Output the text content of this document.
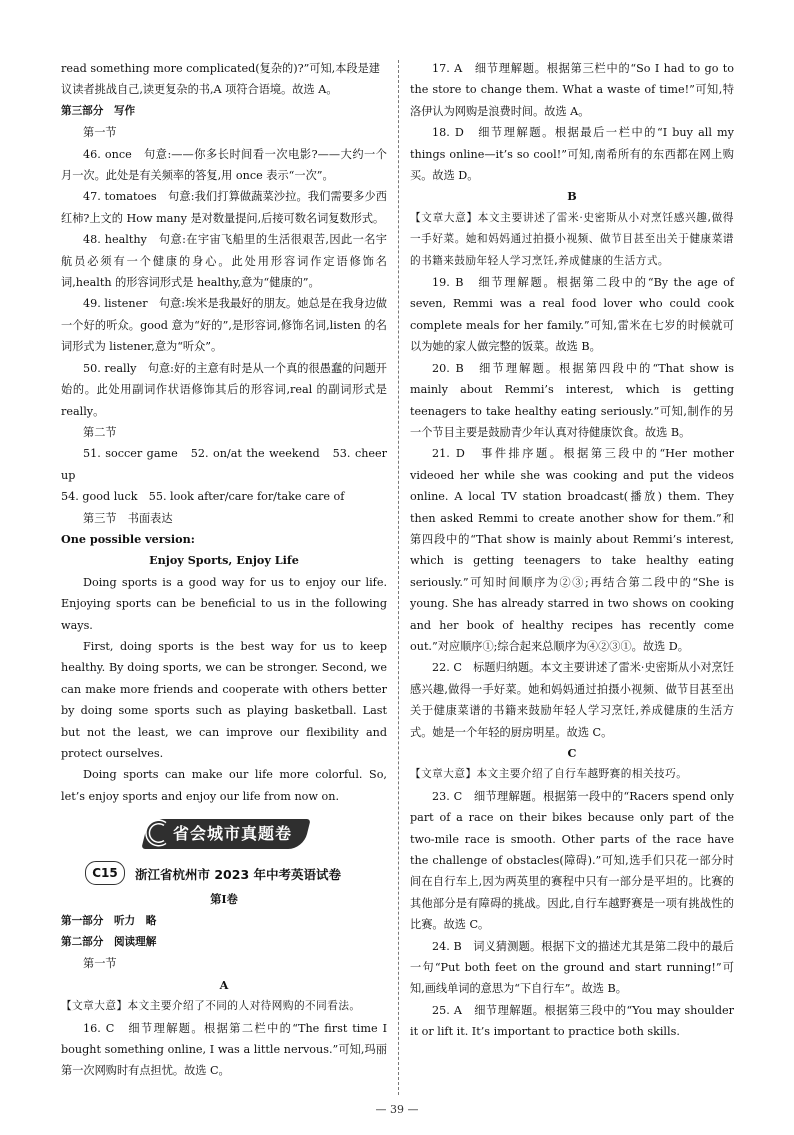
read something more complicated(复杂的)?”可知,本段是建

议读者挑战自己,读更复杂的书,A 项符合语境。故选 A。

第三部分　写作

第一节

46. once　句意:——你多长时间看一次电影?——大约一个月一次。此处是有关频率的答复,用 once 表示“一次”。

47. tomatoes　句意:我们打算做蔬菜沙拉。我们需要多少西红柿?上文的 How many 是对数量提问,后接可数名词复数形式。

48. healthy　句意:在宇宙飞船里的生活很艰苦,因此一名宇航员必须有一个健康的身心。此处用形容词作定语修饰名词,health 的形容词形式是 healthy,意为“健康的”。

49. listener　句意:埃米是我最好的朋友。她总是在我身边做一个好的听众。good 意为“好的”,是形容词,修饰名词,listen 的名词形式为 listener,意为“听众”。

50. really　句意:好的主意有时是从一个真的很愚蠢的问题开始的。此处用副词作状语修饰其后的形容词,real 的副词形式是 really。

第二节

51. soccer game　52. on/at the weekend　53. cheer up

54. good luck　55. look after/care for/take care of

第三节　书面表达

One possible version:

Enjoy Sports, Enjoy Life

Doing sports is a good way for us to enjoy our life. Enjoying sports can be beneficial to us in the following ways.

First, doing sports is the best way for us to keep healthy. By doing sports, we can be stronger. Second, we can make more friends and cooperate with others better by doing some sports such as playing basketball. Last but not the least, we can improve our flexibility and protect ourselves.

Doing sports can make our life more colorful. So, let’s enjoy sports and enjoy our life from now on.

省会城市真题卷
C15	浙江省杭州市 2023 年中考英语试卷

第Ⅰ卷

第一部分　听力　略

第二部分　阅读理解

第一节

A

【文章大意】本文主要介绍了不同的人对待网购的不同看法。

16. C　细节理解题。根据第二栏中的“The first time I bought something online, I was a little nervous.”可知,玛丽第一次网购时有点担忧。故选 C。

17. A　细节理解题。根据第三栏中的“So I had to go to the store to change them. What a waste of time!”可知,特洛伊认为网购是浪费时间。故选 A。

18. D　细节理解题。根据最后一栏中的“I buy all my things online—it’s so cool!”可知,南希所有的东西都在网上购买。故选 D。

B

【文章大意】本文主要讲述了雷米·史密斯从小对烹饪感兴趣,做得一手好菜。她和妈妈通过拍摄小视频、做节目甚至出关于健康菜谱的书籍来鼓励年轻人学习烹饪,养成健康的生活方式。

19. B　细节理解题。根据第二段中的“By the age of seven, Remmi was a real food lover who could cook complete meals for her family.”可知,雷米在七岁的时候就可以为她的家人做完整的饭菜。故选 B。

20. B　细节理解题。根据第四段中的“That show is mainly about Remmi’s interest, which is getting teenagers to take healthy eating seriously.”可知,制作的另一个节目主要是鼓励青少年认真对待健康饮食。故选 B。

21. D　事件排序题。根据第三段中的“Her mother videoed her while she was cooking and put the videos online. A local TV station broadcast(播放) them. They then asked Remmi to create another show for them.”和第四段中的“That show is mainly about Remmi’s interest, which is getting teenagers to take healthy eating seriously.”可知时间顺序为②③;再结合第二段中的“She is young. She has already starred in two shows on cooking and her book of healthy recipes has recently come out.”对应顺序①;综合起来总顺序为④②③①。故选 D。

22. C　标题归纳题。本文主要讲述了雷米·史密斯从小对烹饪感兴趣,做得一手好菜。她和妈妈通过拍摄小视频、做节目甚至出关于健康菜谱的书籍来鼓励年轻人学习烹饪,养成健康的生活方式。她是一个年轻的厨房明星。故选 C。

C

【文章大意】本文主要介绍了自行车越野赛的相关技巧。

23. C　细节理解题。根据第一段中的“Racers spend only part of a race on their bikes because only part of the two-mile race is smooth. Other parts of the race have the challenge of obstacles(障碍).”可知,选手们只花一部分时间在自行车上,因为两英里的赛程中只有一部分是平坦的。比赛的其他部分是有障碍的挑战。因此,自行车越野赛是一项有挑战性的比赛。故选 C。

24. B　词义猜测题。根据下文的描述尤其是第二段中的最后一句“Put both feet on the ground and start running!”可知,画线单词的意思为“下自行车”。故选 B。

25. A　细节理解题。根据第三段中的“You may shoulder it or lift it. It’s important to practice both skills.

— 39 —
